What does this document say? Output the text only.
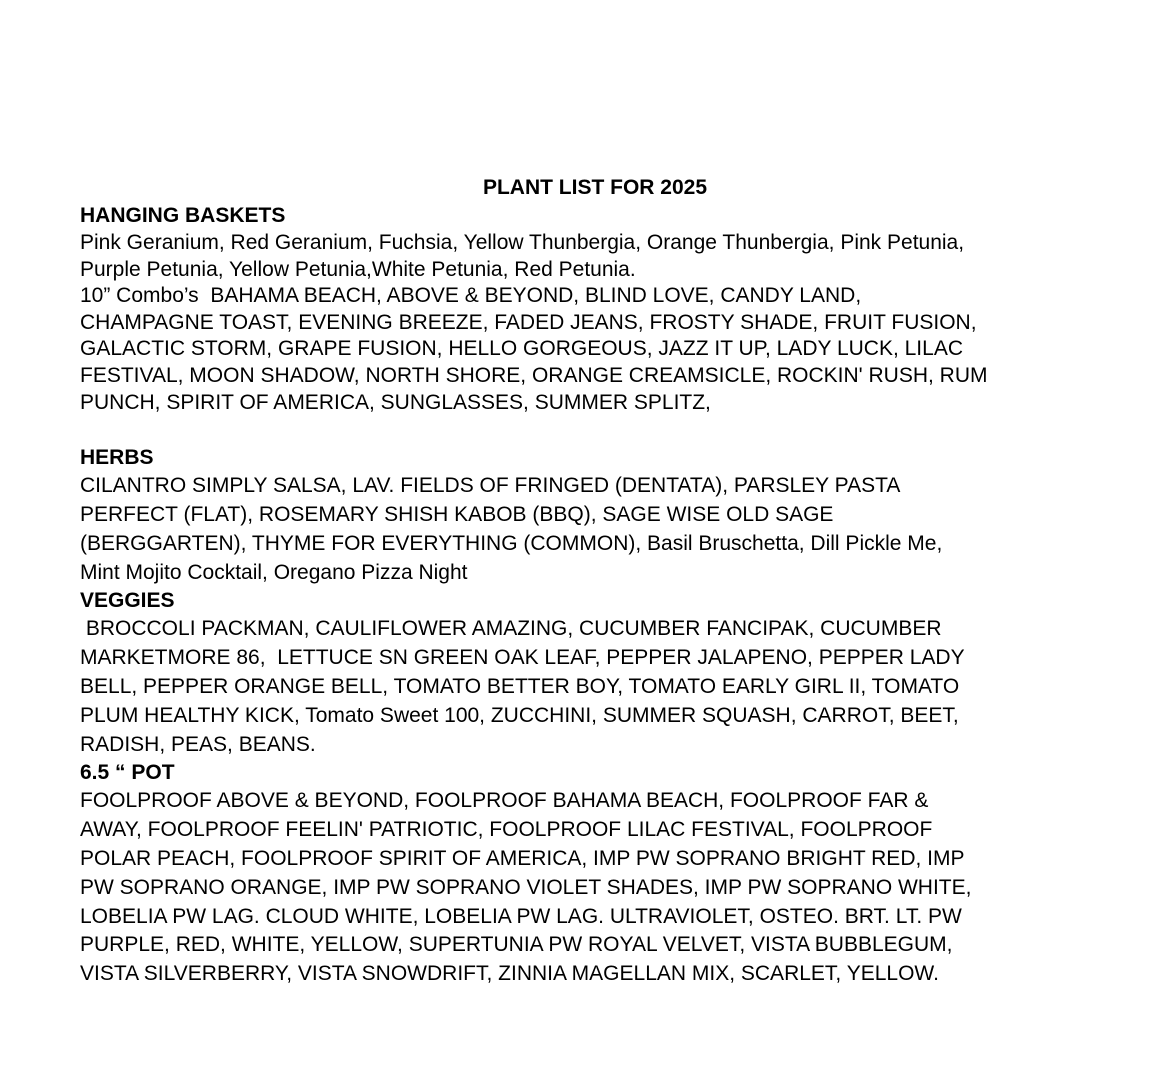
PLANT LIST FOR 2025
HANGING BASKETS

Pink Geranium, Red Geranium, Fuchsia, Yellow Thunbergia, Orange Thunbergia, Pink Petunia,
Purple Petunia, Yellow Petunia,White Petunia, Red Petunia.

10” Combo’s  BAHAMA BEACH, ABOVE & BEYOND, BLIND LOVE, CANDY LAND,
CHAMPAGNE TOAST, EVENING BREEZE, FADED JEANS, FROSTY SHADE, FRUIT FUSION,
GALACTIC STORM, GRAPE FUSION, HELLO GORGEOUS, JAZZ IT UP, LADY LUCK, LILAC
FESTIVAL, MOON SHADOW, NORTH SHORE, ORANGE CREAMSICLE, ROCKIN' RUSH, RUM
PUNCH, SPIRIT OF AMERICA, SUNGLASSES, SUMMER SPLITZ,

HERBS

CILANTRO SIMPLY SALSA, LAV. FIELDS OF FRINGED (DENTATA), PARSLEY PASTA
PERFECT (FLAT), ROSEMARY SHISH KABOB (BBQ), SAGE WISE OLD SAGE
(BERGGARTEN), THYME FOR EVERYTHING (COMMON), Basil Bruschetta, Dill Pickle Me,
Mint Mojito Cocktail, Oregano Pizza Night

VEGGIES

BROCCOLI PACKMAN, CAULIFLOWER AMAZING, CUCUMBER FANCIPAK, CUCUMBER
MARKETMORE 86,  LETTUCE SN GREEN OAK LEAF, PEPPER JALAPENO, PEPPER LADY
BELL, PEPPER ORANGE BELL, TOMATO BETTER BOY, TOMATO EARLY GIRL II, TOMATO
PLUM HEALTHY KICK, Tomato Sweet 100, ZUCCHINI, SUMMER SQUASH, CARROT, BEET,
RADISH, PEAS, BEANS.

6.5 “ POT

FOOLPROOF ABOVE & BEYOND, FOOLPROOF BAHAMA BEACH, FOOLPROOF FAR &
AWAY, FOOLPROOF FEELIN' PATRIOTIC, FOOLPROOF LILAC FESTIVAL, FOOLPROOF
POLAR PEACH, FOOLPROOF SPIRIT OF AMERICA, IMP PW SOPRANO BRIGHT RED, IMP
PW SOPRANO ORANGE, IMP PW SOPRANO VIOLET SHADES, IMP PW SOPRANO WHITE,
LOBELIA PW LAG. CLOUD WHITE, LOBELIA PW LAG. ULTRAVIOLET, OSTEO. BRT. LT. PW
PURPLE, RED, WHITE, YELLOW, SUPERTUNIA PW ROYAL VELVET, VISTA BUBBLEGUM,
VISTA SILVERBERRY, VISTA SNOWDRIFT, ZINNIA MAGELLAN MIX, SCARLET, YELLOW.
